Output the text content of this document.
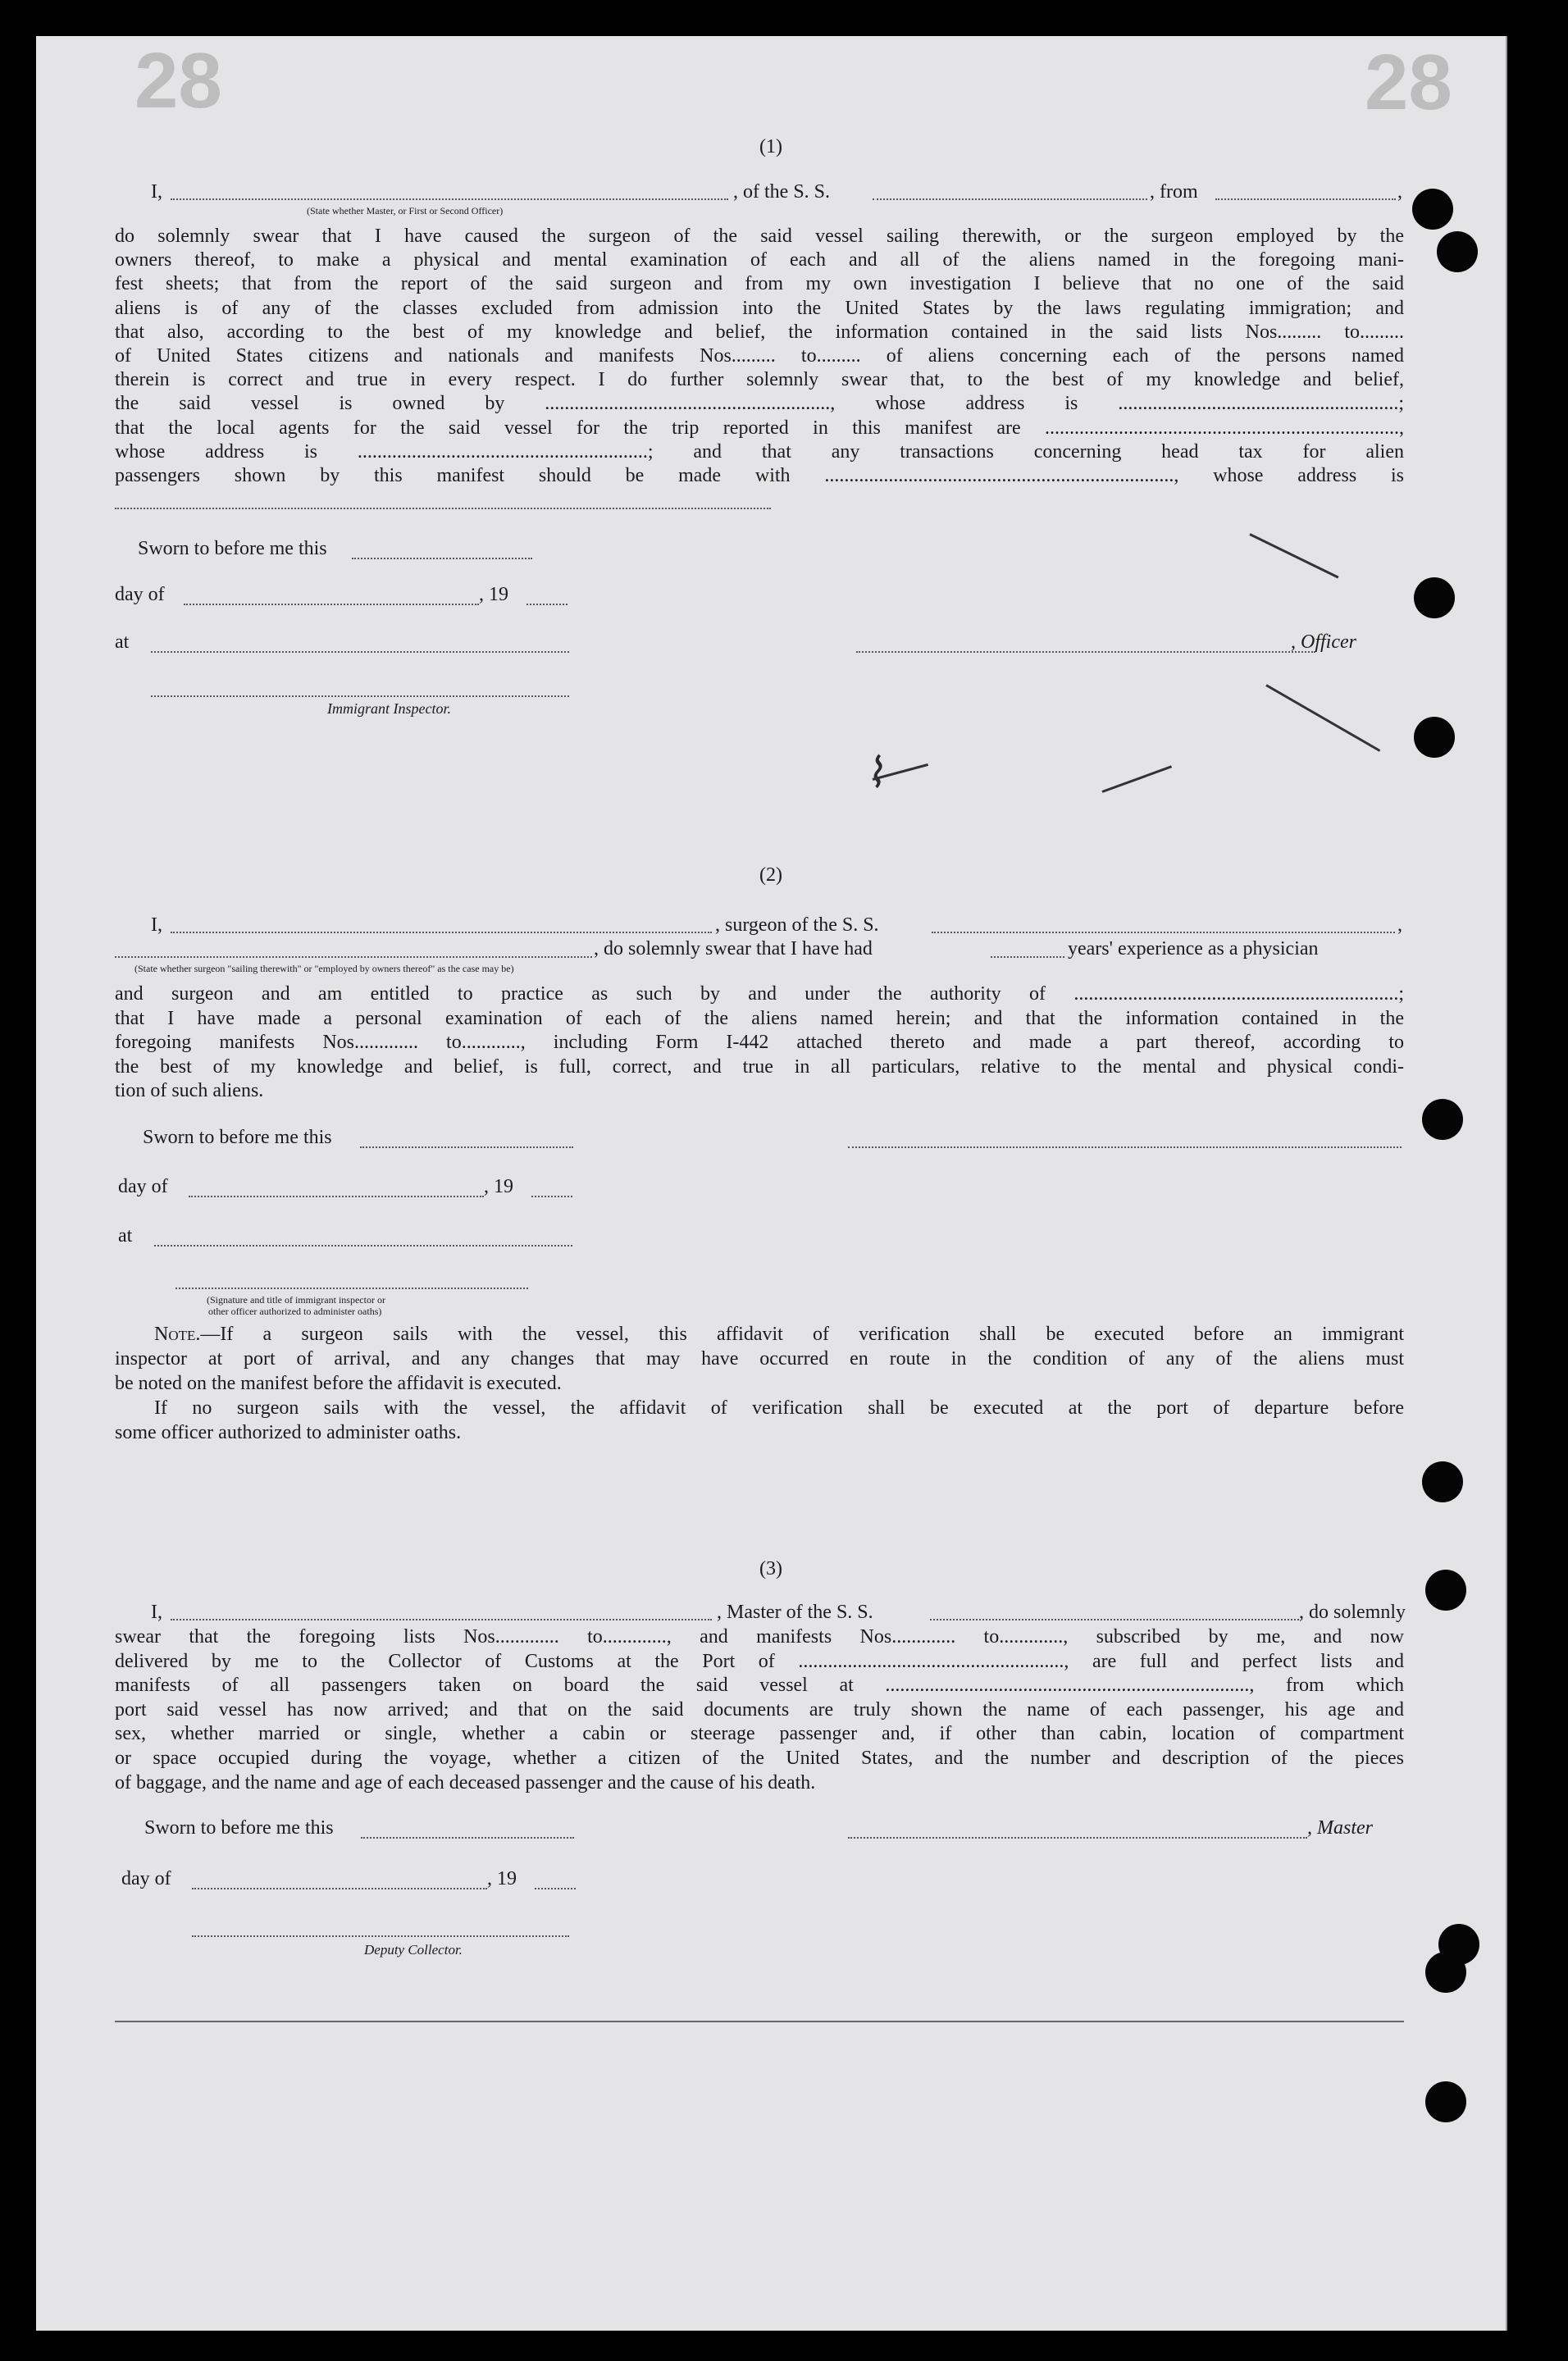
28	28
(1)
I,	, of the S. S.	, from	,
(State whether Master, or First or Second Officer)
do solemnly swear that I have caused the surgeon of the said vessel sailing therewith, or the surgeon employed by the
owners thereof, to make a physical and mental examination of each and all of the aliens named in the foregoing mani-
fest sheets; that from the report of the said surgeon and from my own investigation I believe that no one of the said
aliens is of any of the classes excluded from admission into the United States by the laws regulating immigration; and
that also, according to the best of my knowledge and belief, the information contained in the said lists Nos......... to.........
of United States citizens and nationals and manifests Nos......... to......... of aliens concerning each of the persons named
therein is correct and true in every respect. I do further solemnly swear that, to the best of my knowledge and belief,
the said vessel is owned by .........................................................., whose address is .........................................................;
that the local agents for the said vessel for the trip reported in this manifest are ........................................................................,
whose address is ...........................................................; and that any transactions concerning head tax for alien
passengers shown by this manifest should be made with ......................................................................., whose address is
Sworn to before me this
day of	, 19
at
Immigrant Inspector.
, Officer
⌇
(2)
I,	, surgeon of the S. S.	,
, do solemnly swear that I have had	years' experience as a physician
(State whether surgeon "sailing therewith" or "employed by owners thereof" as the case may be)
and surgeon and am entitled to practice as such by and under the authority of ..................................................................;
that I have made a personal examination of each of the aliens named herein; and that the information contained in the
foregoing manifests Nos............. to............, including Form I-442 attached thereto and made a part thereof, according to
the best of my knowledge and belief, is full, correct, and true in all particulars, relative to the mental and physical condi-
tion of such aliens.
Sworn to before me this
day of	, 19
at
(Signature and title of immigrant inspector or
other officer authorized to administer oaths)
Note.—If a surgeon sails with the vessel, this affidavit of verification shall be executed before an immigrant
inspector at port of arrival, and any changes that may have occurred en route in the condition of any of the aliens must
be noted on the manifest before the affidavit is executed.
If no surgeon sails with the vessel, the affidavit of verification shall be executed at the port of departure before
some officer authorized to administer oaths.
(3)
I,	, Master of the S. S.	, do solemnly
swear that the foregoing lists Nos............. to............., and manifests Nos............. to............., subscribed by me, and now
delivered by me to the Collector of Customs at the Port of ......................................................, are full and perfect lists and
manifests of all passengers taken on board the said vessel at .........................................................................., from which
port said vessel has now arrived; and that on the said documents are truly shown the name of each passenger, his age and
sex, whether married or single, whether a cabin or steerage passenger and, if other than cabin, location of compartment
or space occupied during the voyage, whether a citizen of the United States, and the number and description of the pieces
of baggage, and the name and age of each deceased passenger and the cause of his death.
Sworn to before me this	, Master
day of	, 19
Deputy Collector.
